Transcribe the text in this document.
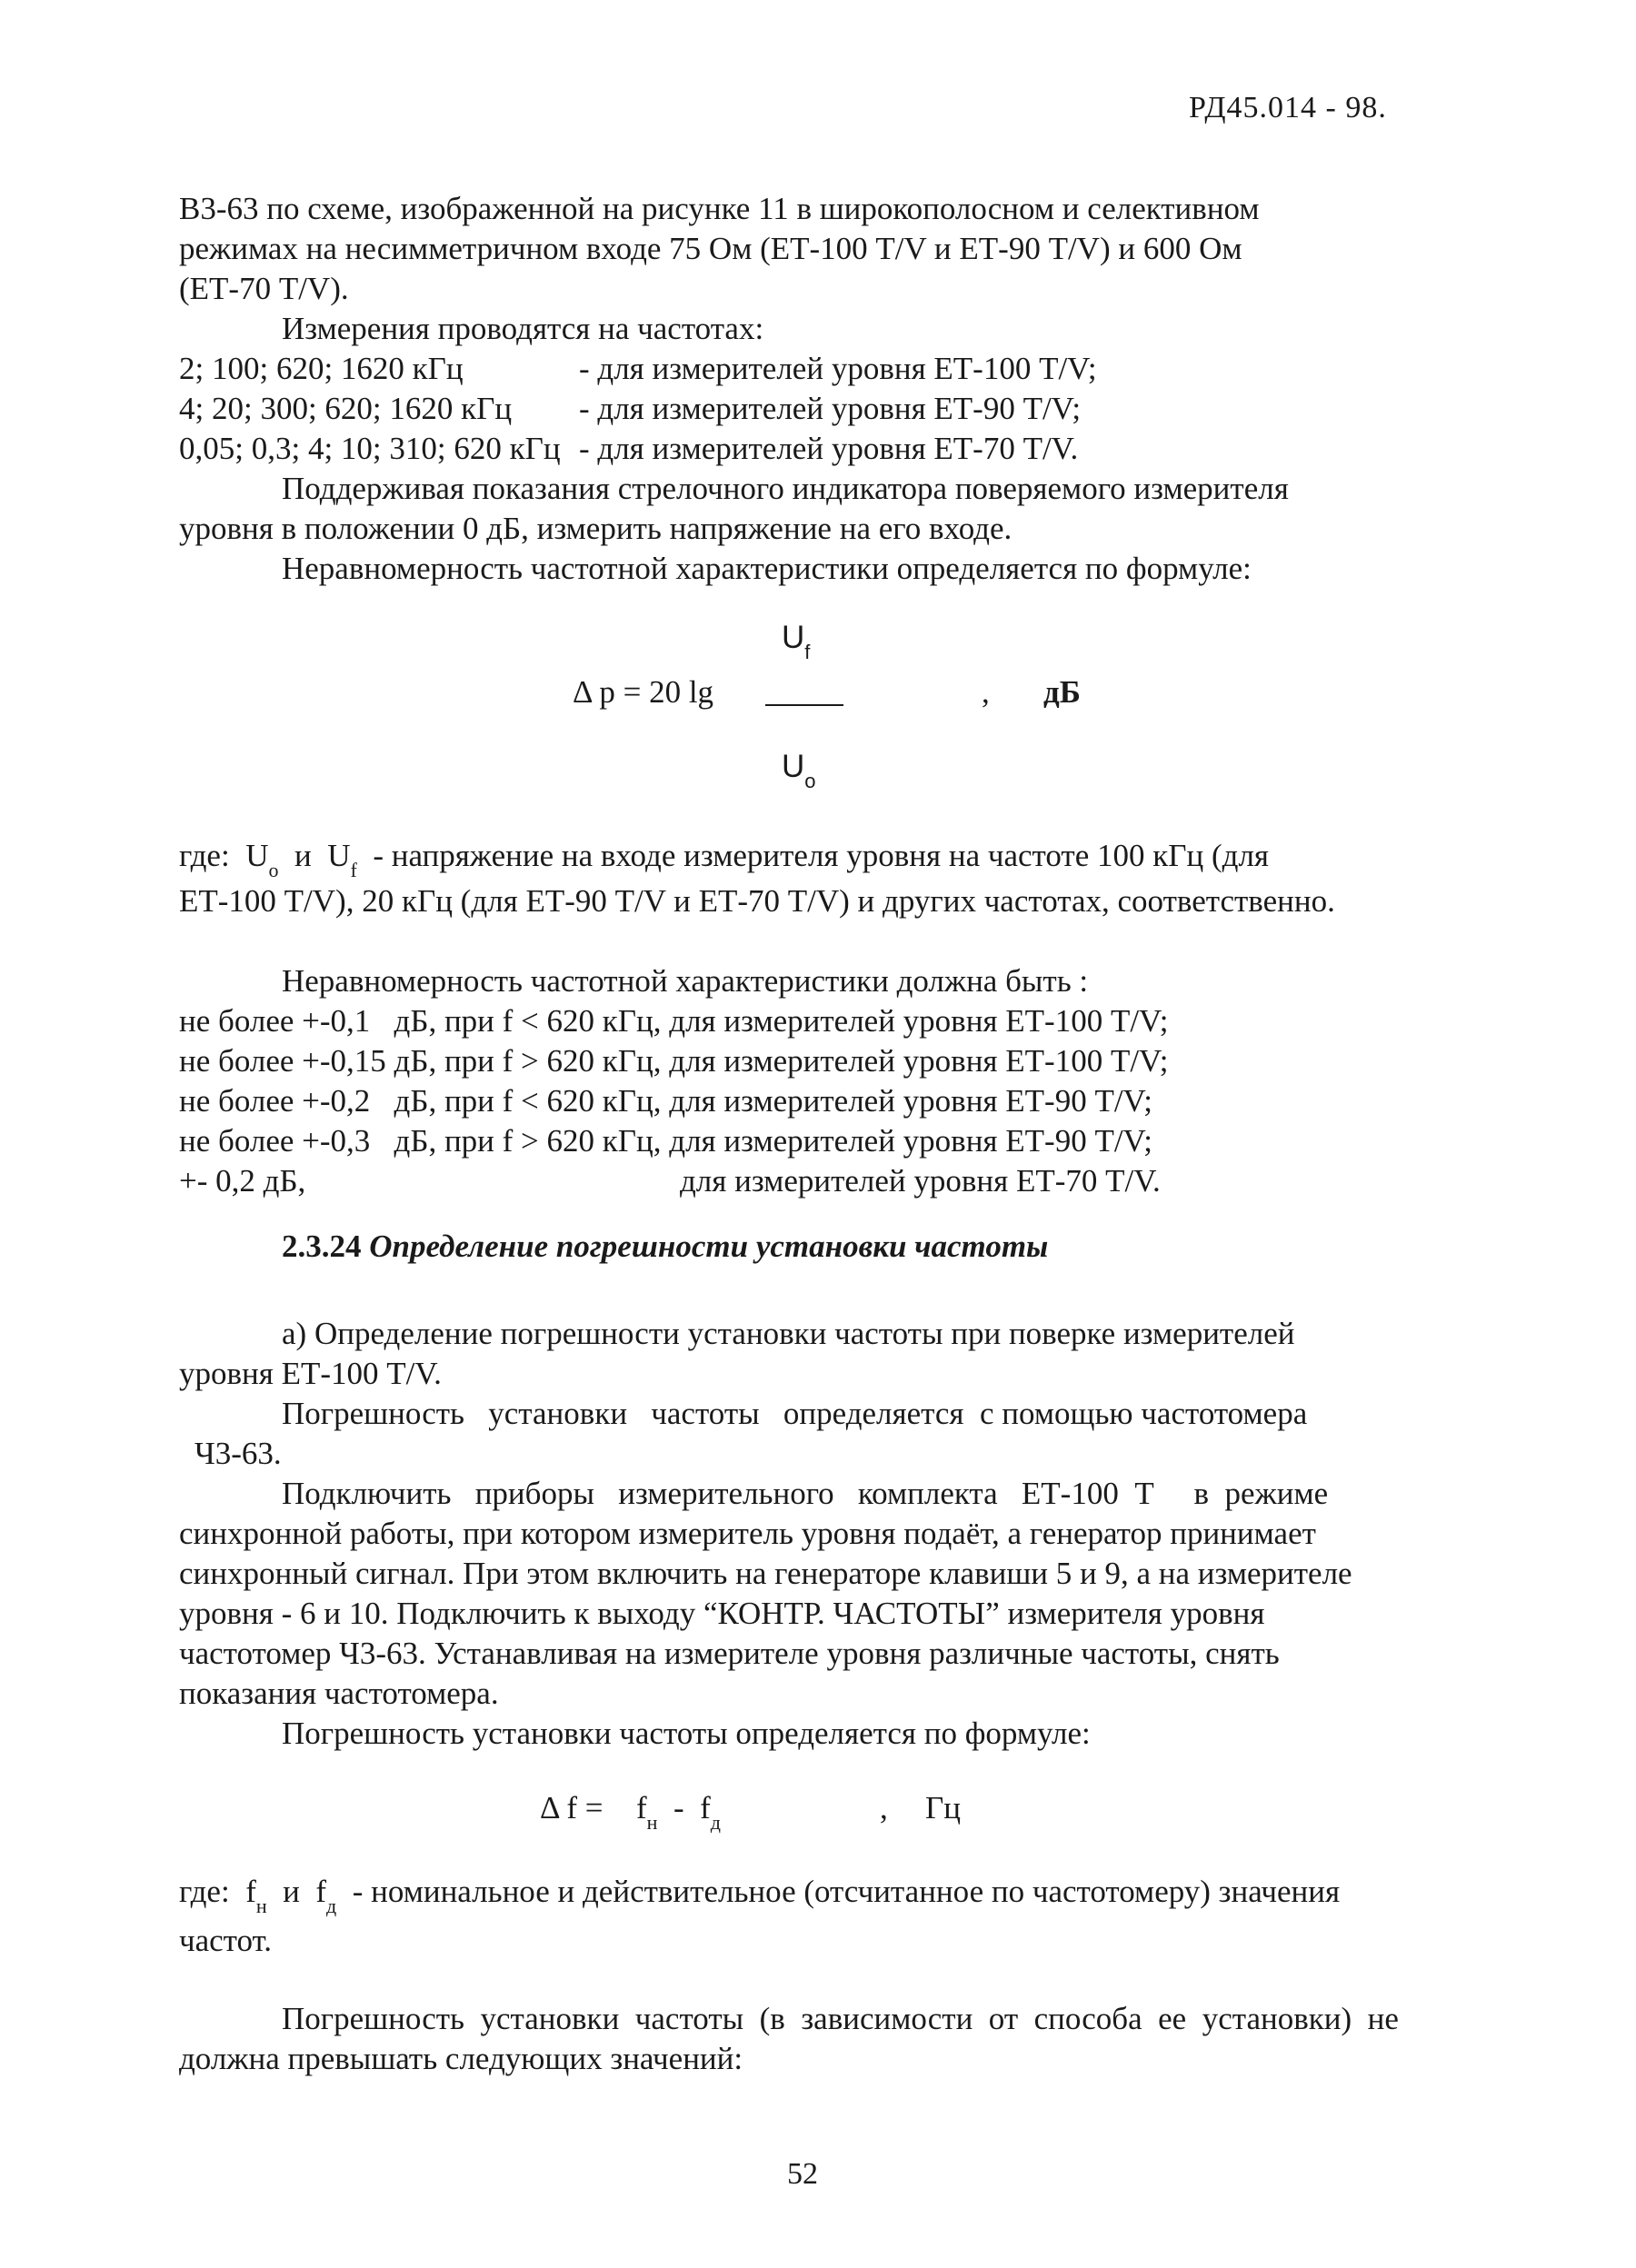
РД45.014 - 98.
В3-63 по схеме, изображенной на рисунке 11 в широкополосном и селективном
режимах на несимметричном входе 75 Ом (ЕТ-100 Т/V и ЕТ-90 Т/V) и 600 Ом
(ЕТ-70 Т/V).
Измерения проводятся на частотах:
2; 100; 620; 1620 кГц	- для измерителей уровня ЕТ-100 Т/V;
4; 20; 300; 620; 1620 кГц - для измерителей уровня ЕТ-90 Т/V;
0,05; 0,3; 4; 10; 310; 620 кГц - для измерителей уровня ЕТ-70 Т/V.
Поддерживая показания стрелочного индикатора поверяемого измерителя
уровня в положении 0 дБ, измерить напряжение на его входе.
Неравномерность частотной характеристики определяется по формуле:
$U_f$
Δ p = 20 lg	, дБ
$U_o$
где: $U_o$ и $U_f$ - напряжение на входе измерителя уровня на частоте 100 кГц (для
ЕТ-100 Т/V), 20 кГц (для ЕТ-90 Т/V и ЕТ-70 Т/V) и других частотах, соответственно.
Неравномерность частотной характеристики должна быть :
не более +-0,1   дБ, при f < 620 кГц, для измерителей уровня ЕТ-100 Т/V;
не более +-0,15 дБ, при f > 620 кГц, для измерителей уровня ЕТ-100 Т/V;
не более +-0,2   дБ, при f < 620 кГц, для измерителей уровня ЕТ-90 Т/V;
не более +-0,3   дБ, при f > 620 кГц, для измерителей уровня ЕТ-90 Т/V;
+- 0,2 дБ,	для измерителей уровня ЕТ-70 Т/V.
2.3.24 Определение погрешности установки частоты
а) Определение погрешности установки частоты при поверке измерителей
уровня ЕТ-100 Т/V.
Погрешность   установки   частоты   определяется  с помощью частотомера
Ч3-63.
Подключить   приборы   измерительного   комплекта   ЕТ-100  Т     в  режиме
синхронной работы, при котором измеритель уровня подаёт, а генератор принимает
синхронный сигнал. При этом включить на генераторе клавиши 5 и 9, а на измерителе
уровня - 6 и 10. Подключить к выходу “КОНТР. ЧАСТОТЫ” измерителя уровня
частотомер Ч3-63. Устанавливая на измерителе уровня различные частоты, снять
показания частотомера.
Погрешность установки частоты определяется по формуле:
Δ $f = f_н - f_д$	, Гц
где: $f_н$ и $f_д$ - номинальное и действительное (отсчитанное по частотомеру) значения
частот.
Погрешность  установки  частоты  (в  зависимости  от  способа  ее  установки)  не
должна превышать следующих значений:
52
